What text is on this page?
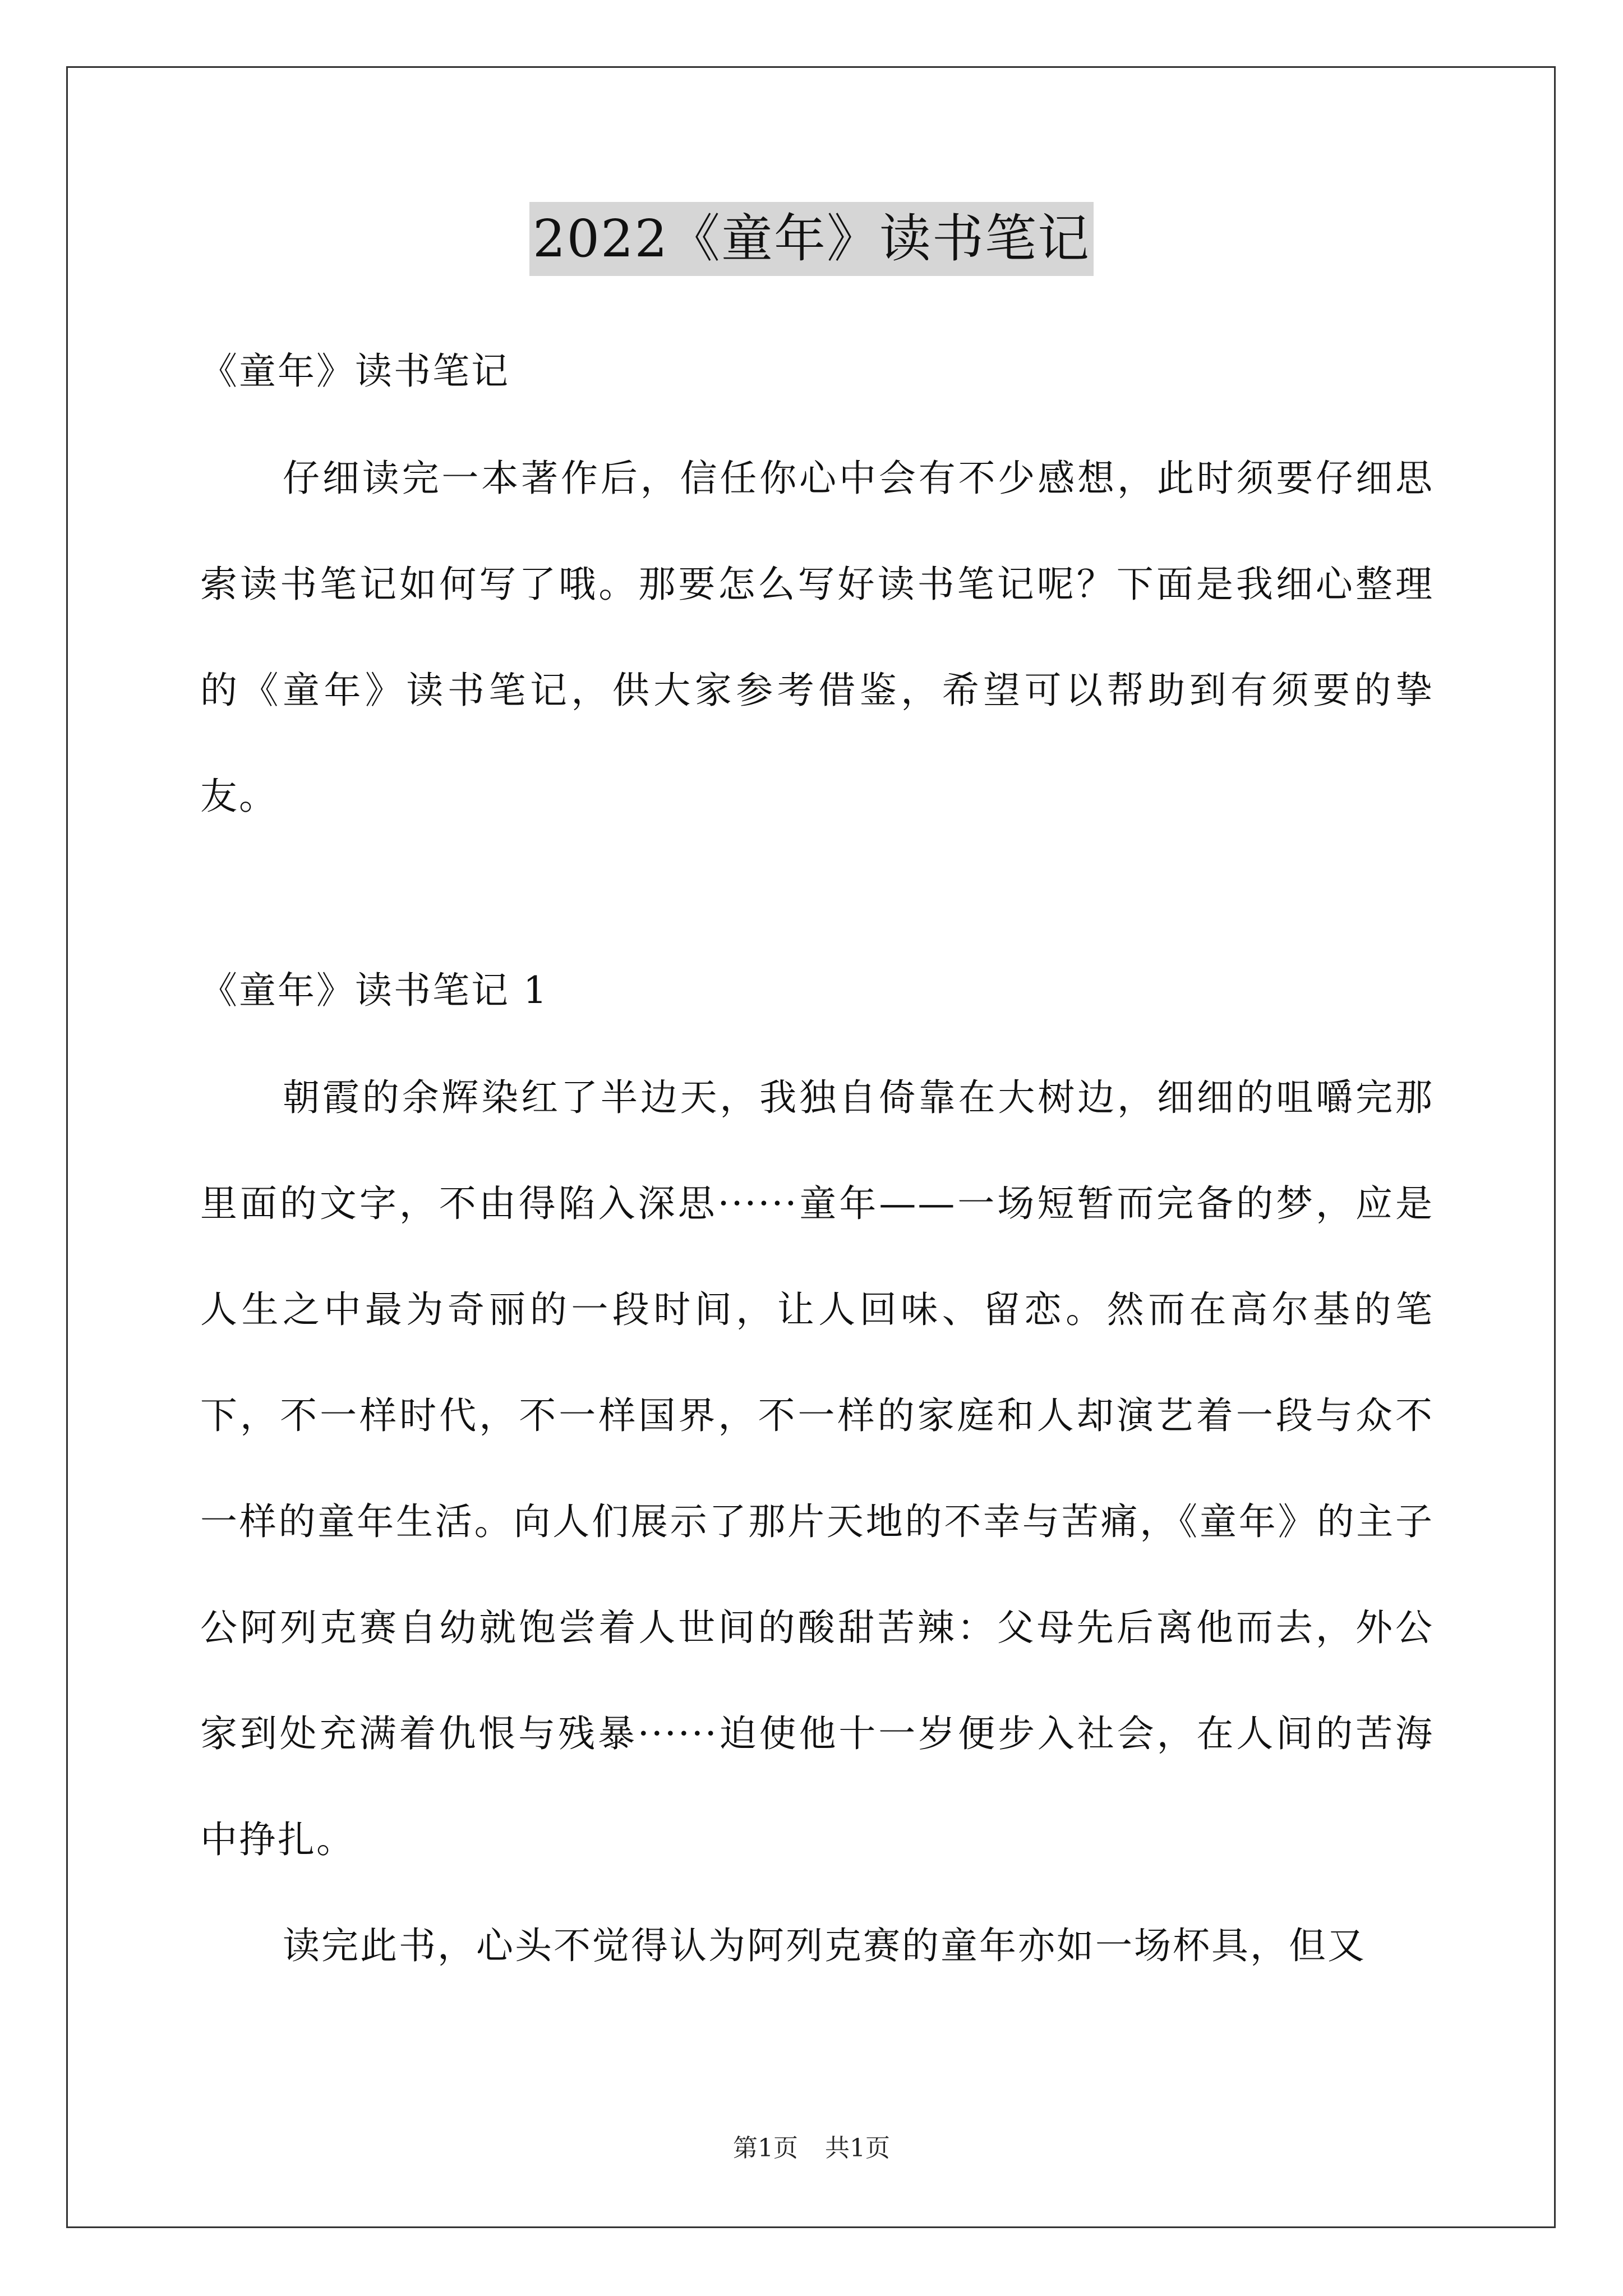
2022《童年》读书笔记
《童年》读书笔记

仔细读完一本著作后，信任你心中会有不少感想，此时须要仔细思索读书笔记如何写了哦。那要怎么写好读书笔记呢？下面是我细心整理的《童年》读书笔记，供大家参考借鉴，希望可以帮助到有须要的挚友。

《童年》读书笔记 1

朝霞的余辉染红了半边天，我独自倚靠在大树边，细细的咀嚼完那里面的文字，不由得陷入深思······童年——一场短暂而完备的梦，应是人生之中最为奇丽的一段时间，让人回味、留恋。然而在高尔基的笔下，不一样时代，不一样国界，不一样的家庭和人却演艺着一段与众不一样的童年生活。向人们展示了那片天地的不幸与苦痛，《童年》的主子公阿列克赛自幼就饱尝着人世间的酸甜苦辣：父母先后离他而去，外公家到处充满着仇恨与残暴······迫使他十一岁便步入社会，在人间的苦海中挣扎。

读完此书，心头不觉得认为阿列克赛的童年亦如一场杯具，但又

第1页 共1页
